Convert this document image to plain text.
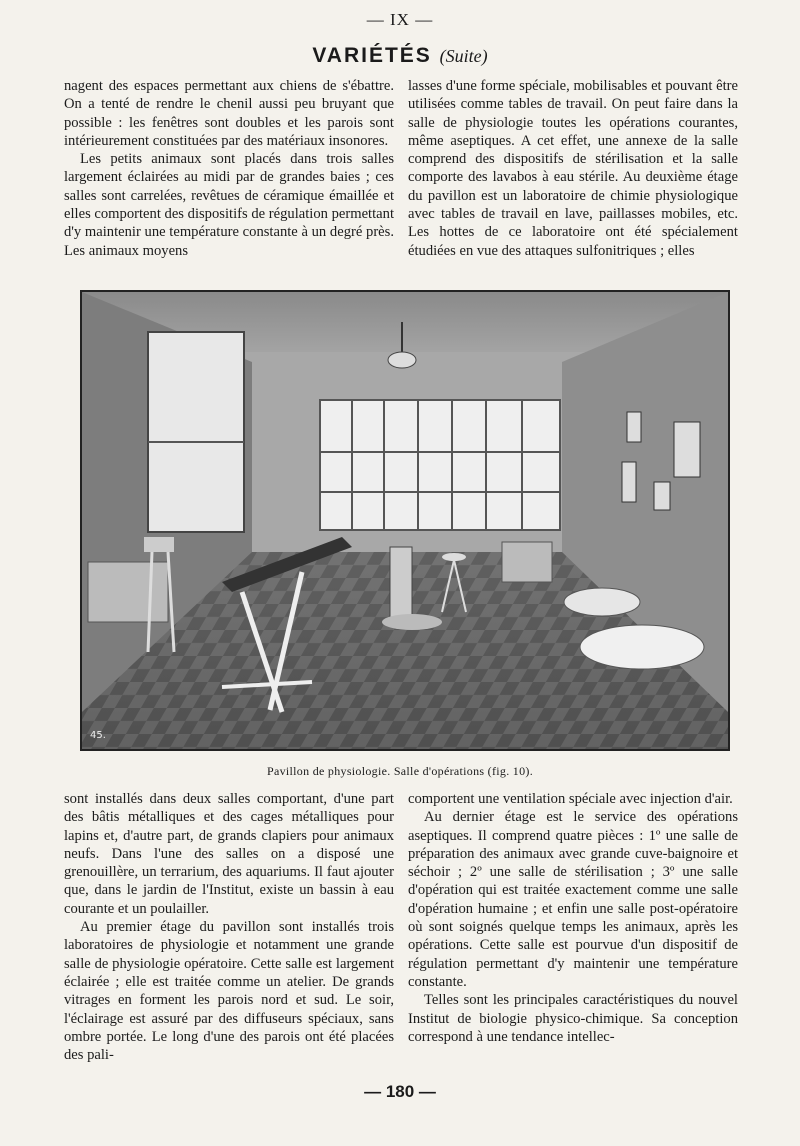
— IX —
VARIÉTÉS (Suite)

nagent des espaces permettant aux chiens de s'ébattre. On a tenté de rendre le chenil aussi peu bruyant que possible : les fenêtres sont doubles et les parois sont intérieurement constituées par des matériaux insonores.

Les petits animaux sont placés dans trois salles largement éclairées au midi par de grandes baies ; ces salles sont carrelées, revêtues de céramique émaillée et elles comportent des dispositifs de régulation permettant d'y maintenir une température constante à un degré près. Les animaux moyens

lasses d'une forme spéciale, mobilisables et pouvant être utilisées comme tables de travail. On peut faire dans la salle de physiologie toutes les opérations courantes, même aseptiques. A cet effet, une annexe de la salle comprend des dispositifs de stérilisation et la salle comporte des lavabos à eau stérile. Au deuxième étage du pavillon est un laboratoire de chimie physiologique avec tables de travail en lave, paillasses mobiles, etc. Les hottes de ce laboratoire ont été spécialement étudiées en vue des attaques sulfonitriques ; elles

45.
Pavillon de physiologie. Salle d'opérations (fig. 10).

sont installés dans deux salles comportant, d'une part des bâtis métalliques et des cages métalliques pour lapins et, d'autre part, de grands clapiers pour animaux neufs. Dans l'une des salles on a disposé une grenouillère, un terrarium, des aquariums. Il faut ajouter que, dans le jardin de l'Institut, existe un bassin à eau courante et un poulailler.

Au premier étage du pavillon sont installés trois laboratoires de physiologie et notamment une grande salle de physiologie opératoire. Cette salle est largement éclairée ; elle est traitée comme un atelier. De grands vitrages en forment les parois nord et sud. Le soir, l'éclairage est assuré par des diffuseurs spéciaux, sans ombre portée. Le long d'une des parois ont été placées des pali-

comportent une ventilation spéciale avec injection d'air.

Au dernier étage est le service des opérations aseptiques. Il comprend quatre pièces : 1º une salle de préparation des animaux avec grande cuve-baignoire et séchoir ; 2º une salle de stérilisation ; 3º une salle d'opération qui est traitée exactement comme une salle d'opération humaine ; et enfin une salle post-opératoire où sont soignés quelque temps les animaux, après les opérations. Cette salle est pourvue d'un dispositif de régulation permettant d'y maintenir une température constante.

Telles sont les principales caractéristiques du nouvel Institut de biologie physico-chimique. Sa conception correspond à une tendance intellec-

— 180 —
